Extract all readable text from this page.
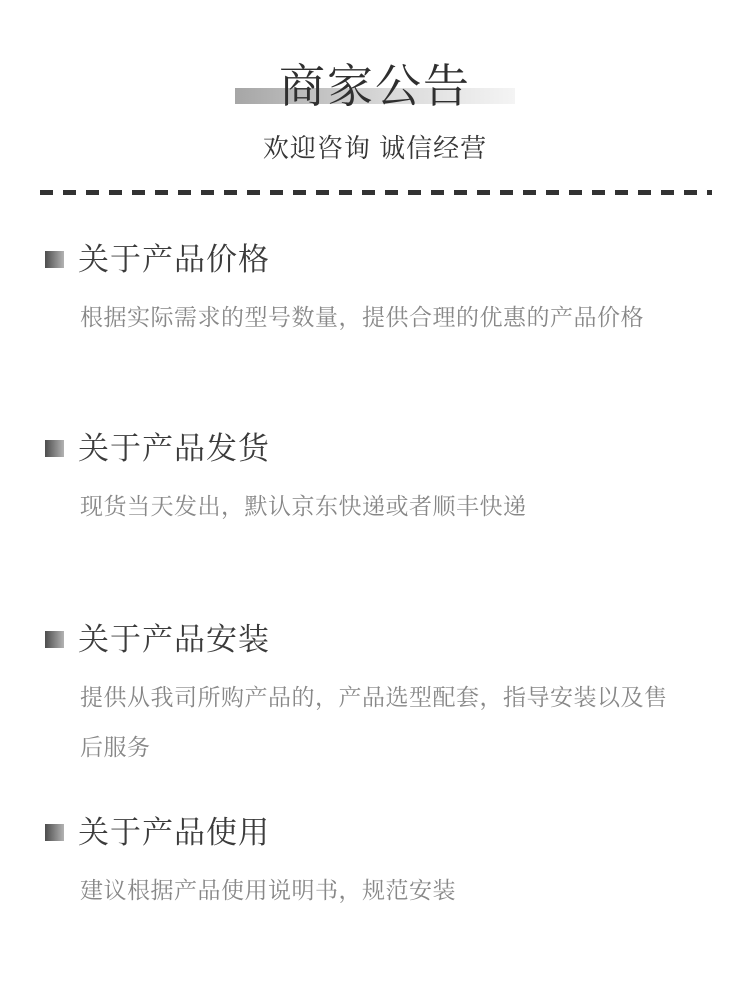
商家公告
欢迎咨询 诚信经营
关于产品价格
根据实际需求的型号数量，提供合理的优惠的产品价格
关于产品发货
现货当天发出，默认京东快递或者顺丰快递
关于产品安装
提供从我司所购产品的，产品选型配套，指导安装以及售后服务
关于产品使用
建议根据产品使用说明书，规范安装
